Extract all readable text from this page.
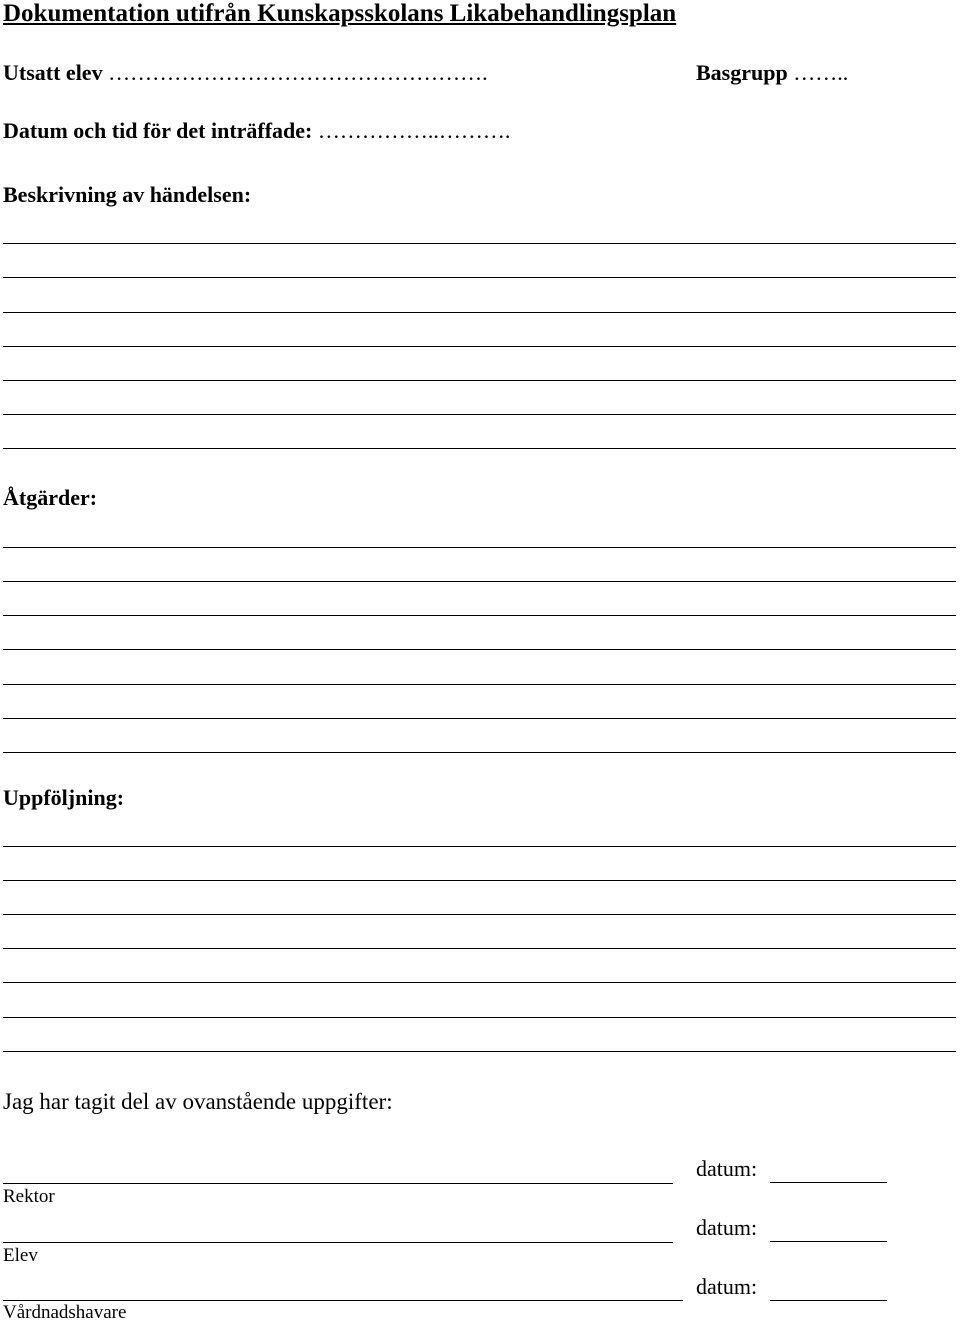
Dokumentation utifrån Kunskapsskolans Likabehandlingsplan
Utsatt elev …………………………………………….	Basgrupp ……..
Datum och tid för det inträffade: ……………..……….
Beskrivning av händelsen:
Åtgärder:
Uppföljning:
Jag har tagit del av ovanstående uppgifter:
Rektor
datum:
Elev
datum:
Vårdnadshavare
datum:
